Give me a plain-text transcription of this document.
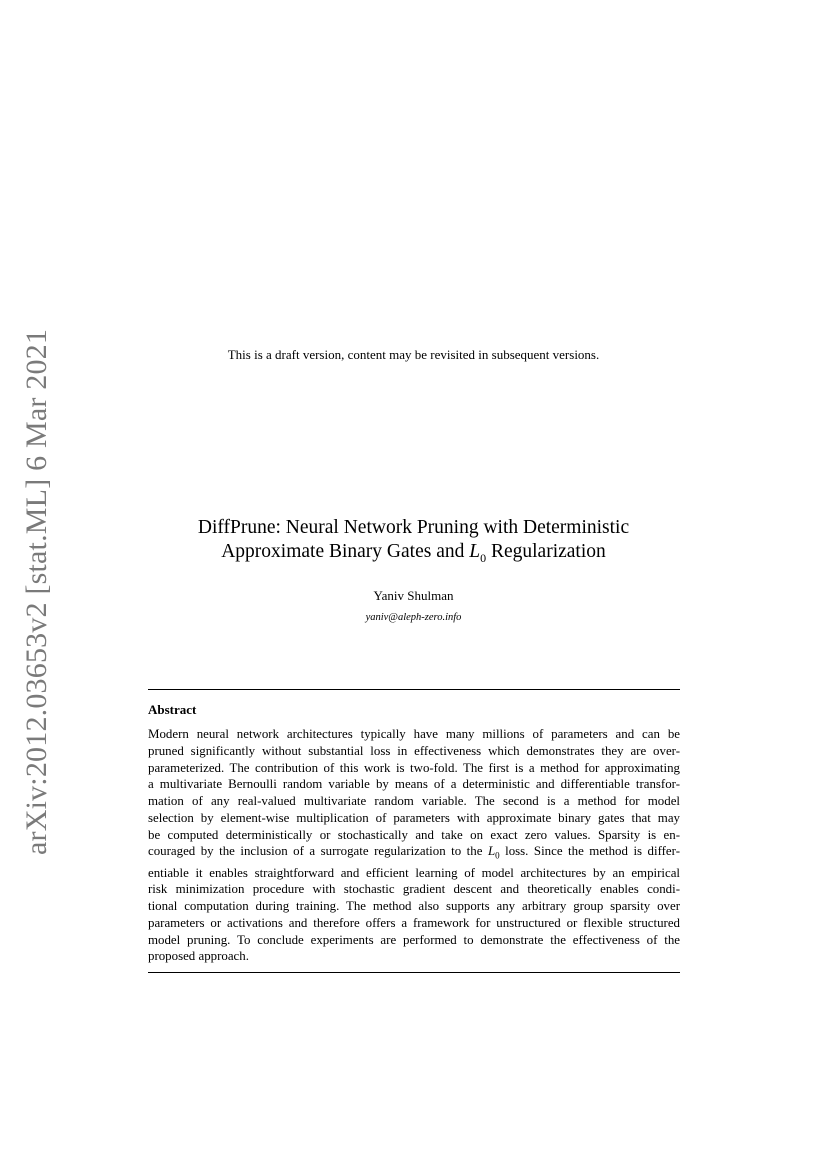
arXiv:2012.03653v2 [stat.ML] 6 Mar 2021	This is a draft version, content may be revisited in subsequent versions.
DiffPrune: Neural Network Pruning with Deterministic
Approximate Binary Gates and $L_0$ Regularization
Yaniv Shulman
yaniv@aleph-zero.info
Abstract
Modern neural network architectures typically have many millions of parameters and can be
pruned significantly without substantial loss in effectiveness which demonstrates they are over-
parameterized. The contribution of this work is two-fold. The first is a method for approximating
a multivariate Bernoulli random variable by means of a deterministic and differentiable transfor-
mation of any real-valued multivariate random variable. The second is a method for model
selection by element-wise multiplication of parameters with approximate binary gates that may
be computed deterministically or stochastically and take on exact zero values. Sparsity is en-
couraged by the inclusion of a surrogate regularization to the $L_0$ loss. Since the method is differ-
entiable it enables straightforward and efficient learning of model architectures by an empirical
risk minimization procedure with stochastic gradient descent and theoretically enables condi-
tional computation during training. The method also supports any arbitrary group sparsity over
parameters or activations and therefore offers a framework for unstructured or flexible structured
model pruning. To conclude experiments are performed to demonstrate the effectiveness of the
proposed approach.
